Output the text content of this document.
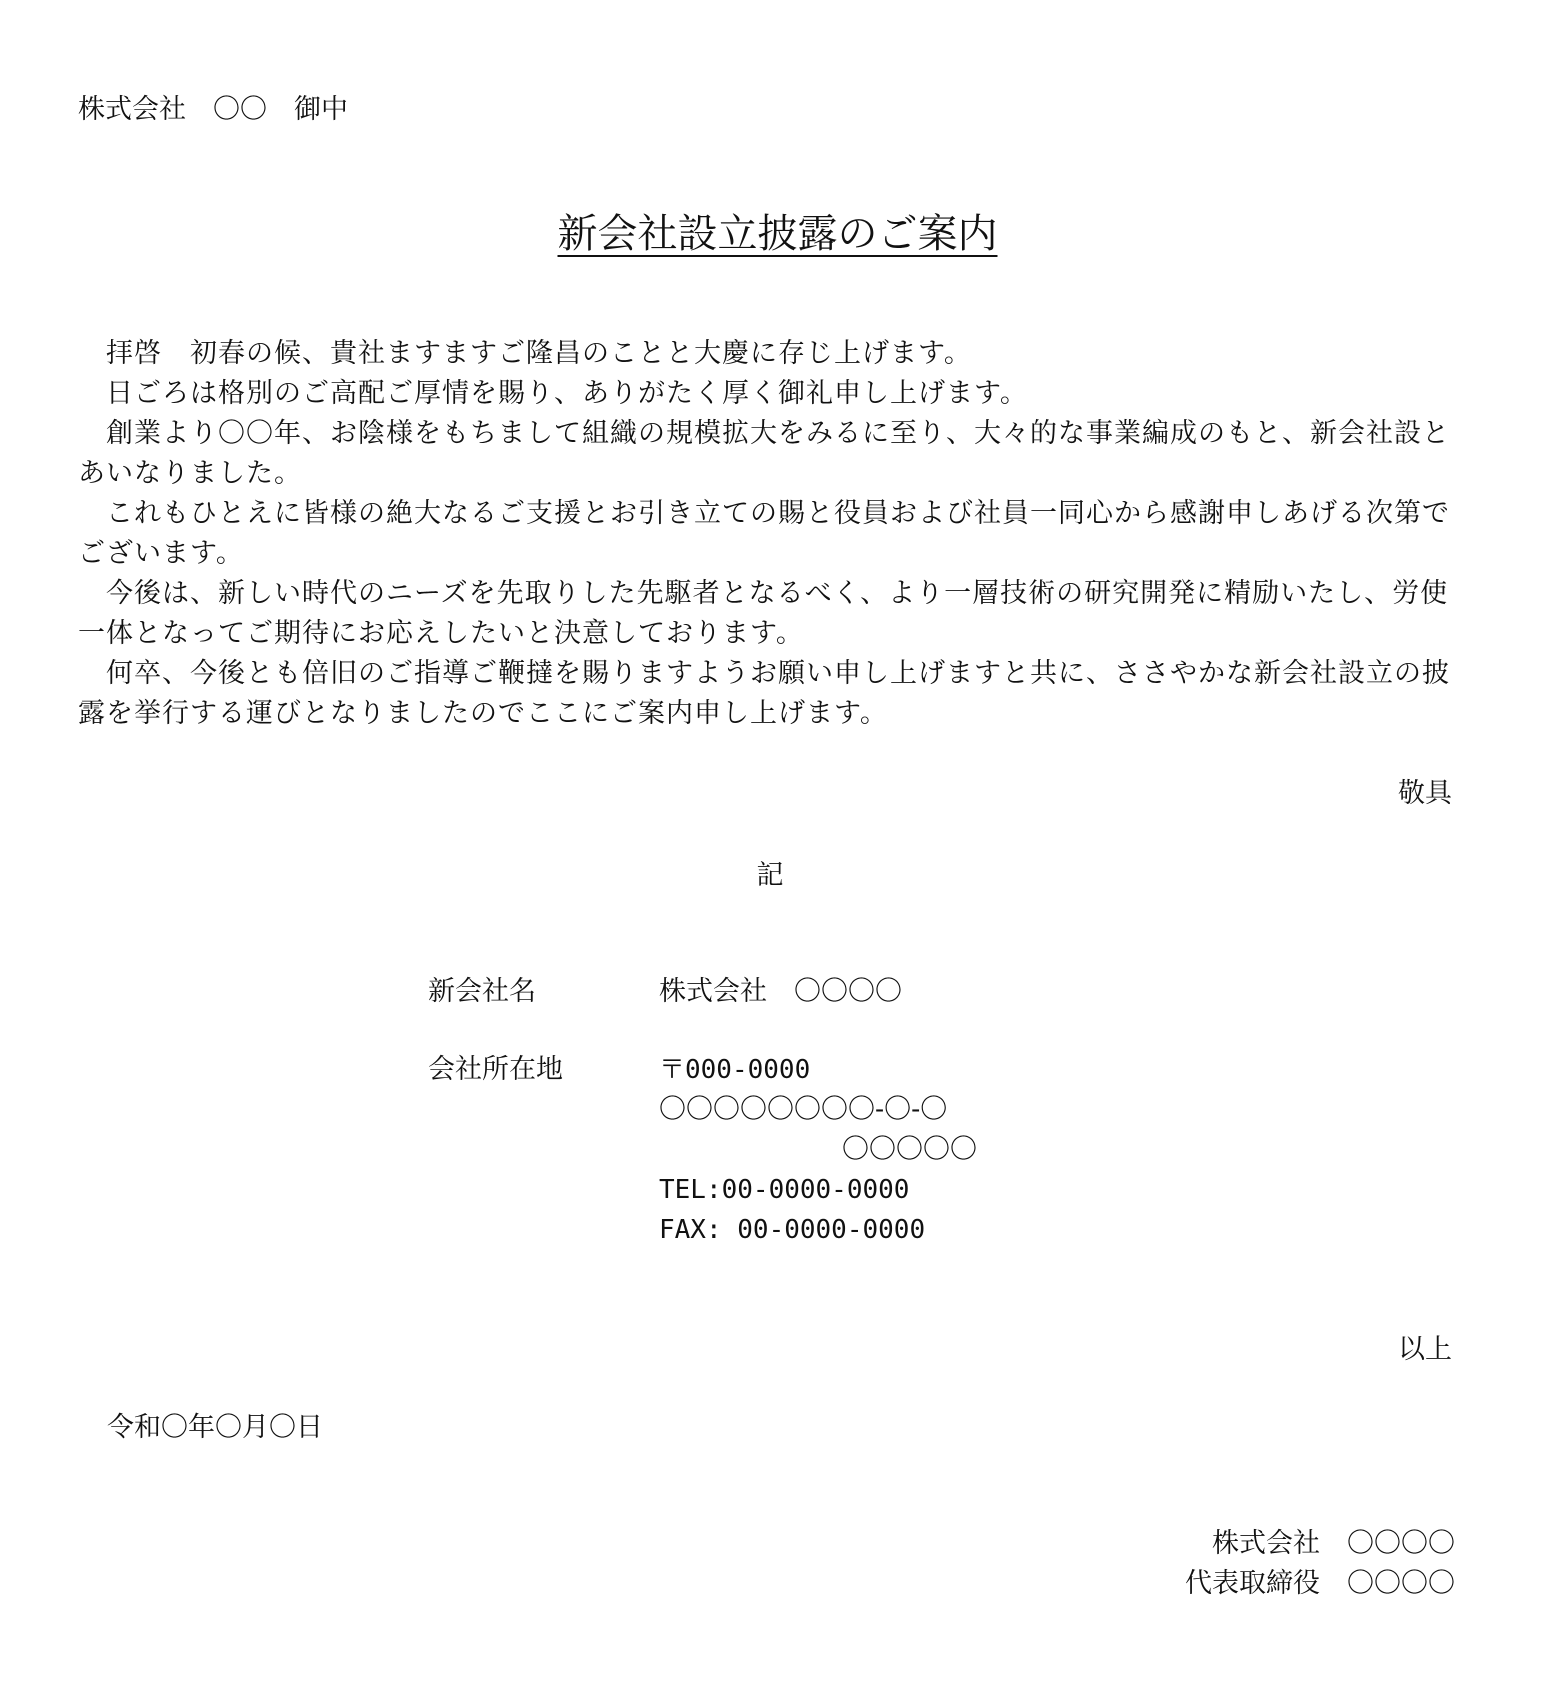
株式会社　〇〇　御中
新会社設立披露のご案内

　拝啓　初春の候、貴社ますますご隆昌のことと大慶に存じ上げます。

　日ごろは格別のご高配ご厚情を賜り、ありがたく厚く御礼申し上げます。

　創業より〇〇年、お陰様をもちまして組織の規模拡大をみるに至り、大々的な事業編成のもと、新会社設とあいなりました。

　これもひとえに皆様の絶大なるご支援とお引き立ての賜と役員および社員一同心から感謝申しあげる次第でございます。

　今後は、新しい時代のニーズを先取りした先駆者となるべく、より一層技術の研究開発に精励いたし、労使一体となってご期待にお応えしたいと決意しております。

　何卒、今後とも倍旧のご指導ご鞭撻を賜りますようお願い申し上げますと共に、ささやかな新会社設立の披露を挙行する運びとなりましたのでここにご案内申し上げます。

敬具
記
新会社名	株式会社　〇〇〇〇
会社所在地	〒000-0000
〇〇〇〇〇〇〇〇-〇-〇
〇〇〇〇〇
TEL:00-0000-0000
FAX: 00-0000-0000
以上
令和〇年〇月〇日
株式会社　〇〇〇〇
代表取締役　〇〇〇〇
